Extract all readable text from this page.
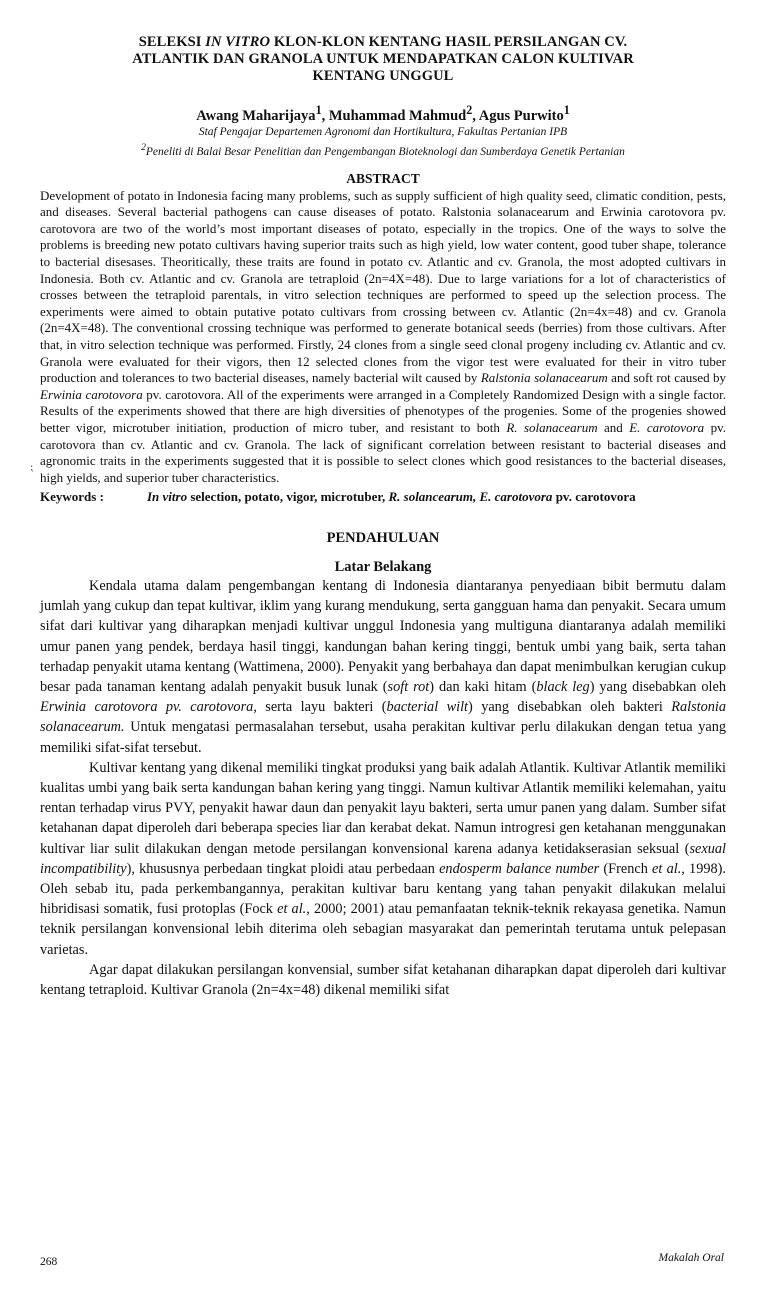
SELEKSI IN VITRO KLON-KLON KENTANG HASIL PERSILANGAN CV.
ATLANTIK DAN GRANOLA UNTUK MENDAPATKAN CALON KULTIVAR
KENTANG UNGGUL
Awang Maharijaya$^1$, Muhammad Mahmud$^2$, Agus Purwito$^1$
Staf Pengajar Departemen Agronomi dan Hortikultura, Fakultas Pertanian IPB
$^2$Peneliti di Balai Besar Penelitian dan Pengembangan Bioteknologi dan Sumberdaya Genetik Pertanian
ABSTRACT
Development of potato in Indonesia facing many problems, such as supply sufficient of high quality seed, climatic condition, pests, and diseases. Several bacterial pathogens can cause diseases of potato. Ralstonia solanacearum and Erwinia carotovora pv. carotovora are two of the world’s most important diseases of potato, especially in the tropics. One of the ways to solve the problems is breeding new potato cultivars having superior traits such as high yield, low water content, good tuber shape, tolerance to bacterial disesases. Theoritically, these traits are found in potato cv. Atlantic and cv. Granola, the most adopted cultivars in Indonesia. Both cv. Atlantic and cv. Granola are tetraploid (2n=4X=48). Due to large variations for a lot of characteristics of crosses between the tetraploid parentals, in vitro selection techniques are performed to speed up the selection process. The experiments were aimed to obtain putative potato cultivars from crossing between cv. Atlantic (2n=4x=48) and cv. Granola (2n=4X=48). The conventional crossing technique was performed to generate botanical seeds (berries) from those cultivars. After that, in vitro selection technique was performed. Firstly, 24 clones from a single seed clonal progeny including cv. Atlantic and cv. Granola were evaluated for their vigors, then 12 selected clones from the vigor test were evaluated for their in vitro tuber production and tolerances to two bacterial diseases, namely bacterial wilt caused by Ralstonia solanacearum and soft rot caused by Erwinia carotovora pv. carotovora. All of the experiments were arranged in a Completely Randomized Design with a single factor. Results of the experiments showed that there are high diversities of phenotypes of the progenies. Some of the progenies showed better vigor, microtuber initiation, production of micro tuber, and resistant to both R. solanacearum and E. carotovora pv. carotovora than cv. Atlantic and cv. Granola. The lack of significant correlation between resistant to bacterial diseases and agronomic traits in the experiments suggested that it is possible to select clones which good resistances to the bacterial diseases, high yields, and superior tuber characteristics.
Keywords :	In vitro selection, potato, vigor, microtuber, R. solancearum, E. carotovora pv. carotovora
PENDAHULUAN
Latar Belakang

Kendala utama dalam pengembangan kentang di Indonesia diantaranya penyediaan bibit bermutu dalam jumlah yang cukup dan tepat kultivar, iklim yang kurang mendukung, serta gangguan hama dan penyakit. Secara umum sifat dari kultivar yang diharapkan menjadi kultivar unggul Indonesia yang multiguna diantaranya adalah memiliki umur panen yang pendek, berdaya hasil tinggi, kandungan bahan kering tinggi, bentuk umbi yang baik, serta tahan terhadap penyakit utama kentang (Wattimena, 2000). Penyakit yang berbahaya dan dapat menimbulkan kerugian cukup besar pada tanaman kentang adalah penyakit busuk lunak (soft rot) dan kaki hitam (black leg) yang disebabkan oleh Erwinia carotovora pv. carotovora, serta layu bakteri (bacterial wilt) yang disebabkan oleh bakteri Ralstonia solanacearum. Untuk mengatasi permasalahan tersebut, usaha perakitan kultivar perlu dilakukan dengan tetua yang memiliki sifat-sifat tersebut.

Kultivar kentang yang dikenal memiliki tingkat produksi yang baik adalah Atlantik. Kultivar Atlantik memiliki kualitas umbi yang baik serta kandungan bahan kering yang tinggi. Namun kultivar Atlantik memiliki kelemahan, yaitu rentan terhadap virus PVY, penyakit hawar daun dan penyakit layu bakteri, serta umur panen yang dalam. Sumber sifat ketahanan dapat diperoleh dari beberapa species liar dan kerabat dekat. Namun introgresi gen ketahanan menggunakan kultivar liar sulit dilakukan dengan metode persilangan konvensional karena adanya ketidakserasian seksual (sexual incompatibility), khususnya perbedaan tingkat ploidi atau perbedaan endosperm balance number (French et al., 1998). Oleh sebab itu, pada perkembangannya, perakitan kultivar baru kentang yang tahan penyakit dilakukan melalui hibridisasi somatik, fusi protoplas (Fock et al., 2000; 2001) atau pemanfaatan teknik-teknik rekayasa genetika. Namun teknik persilangan konvensional lebih diterima oleh sebagian masyarakat dan pemerintah terutama untuk pelepasan varietas.

Agar dapat dilakukan persilangan konvensial, sumber sifat ketahanan diharapkan dapat diperoleh dari kultivar kentang tetraploid. Kultivar Granola (2n=4x=48) dikenal memiliki sifat

⁏
268	Makalah Oral
